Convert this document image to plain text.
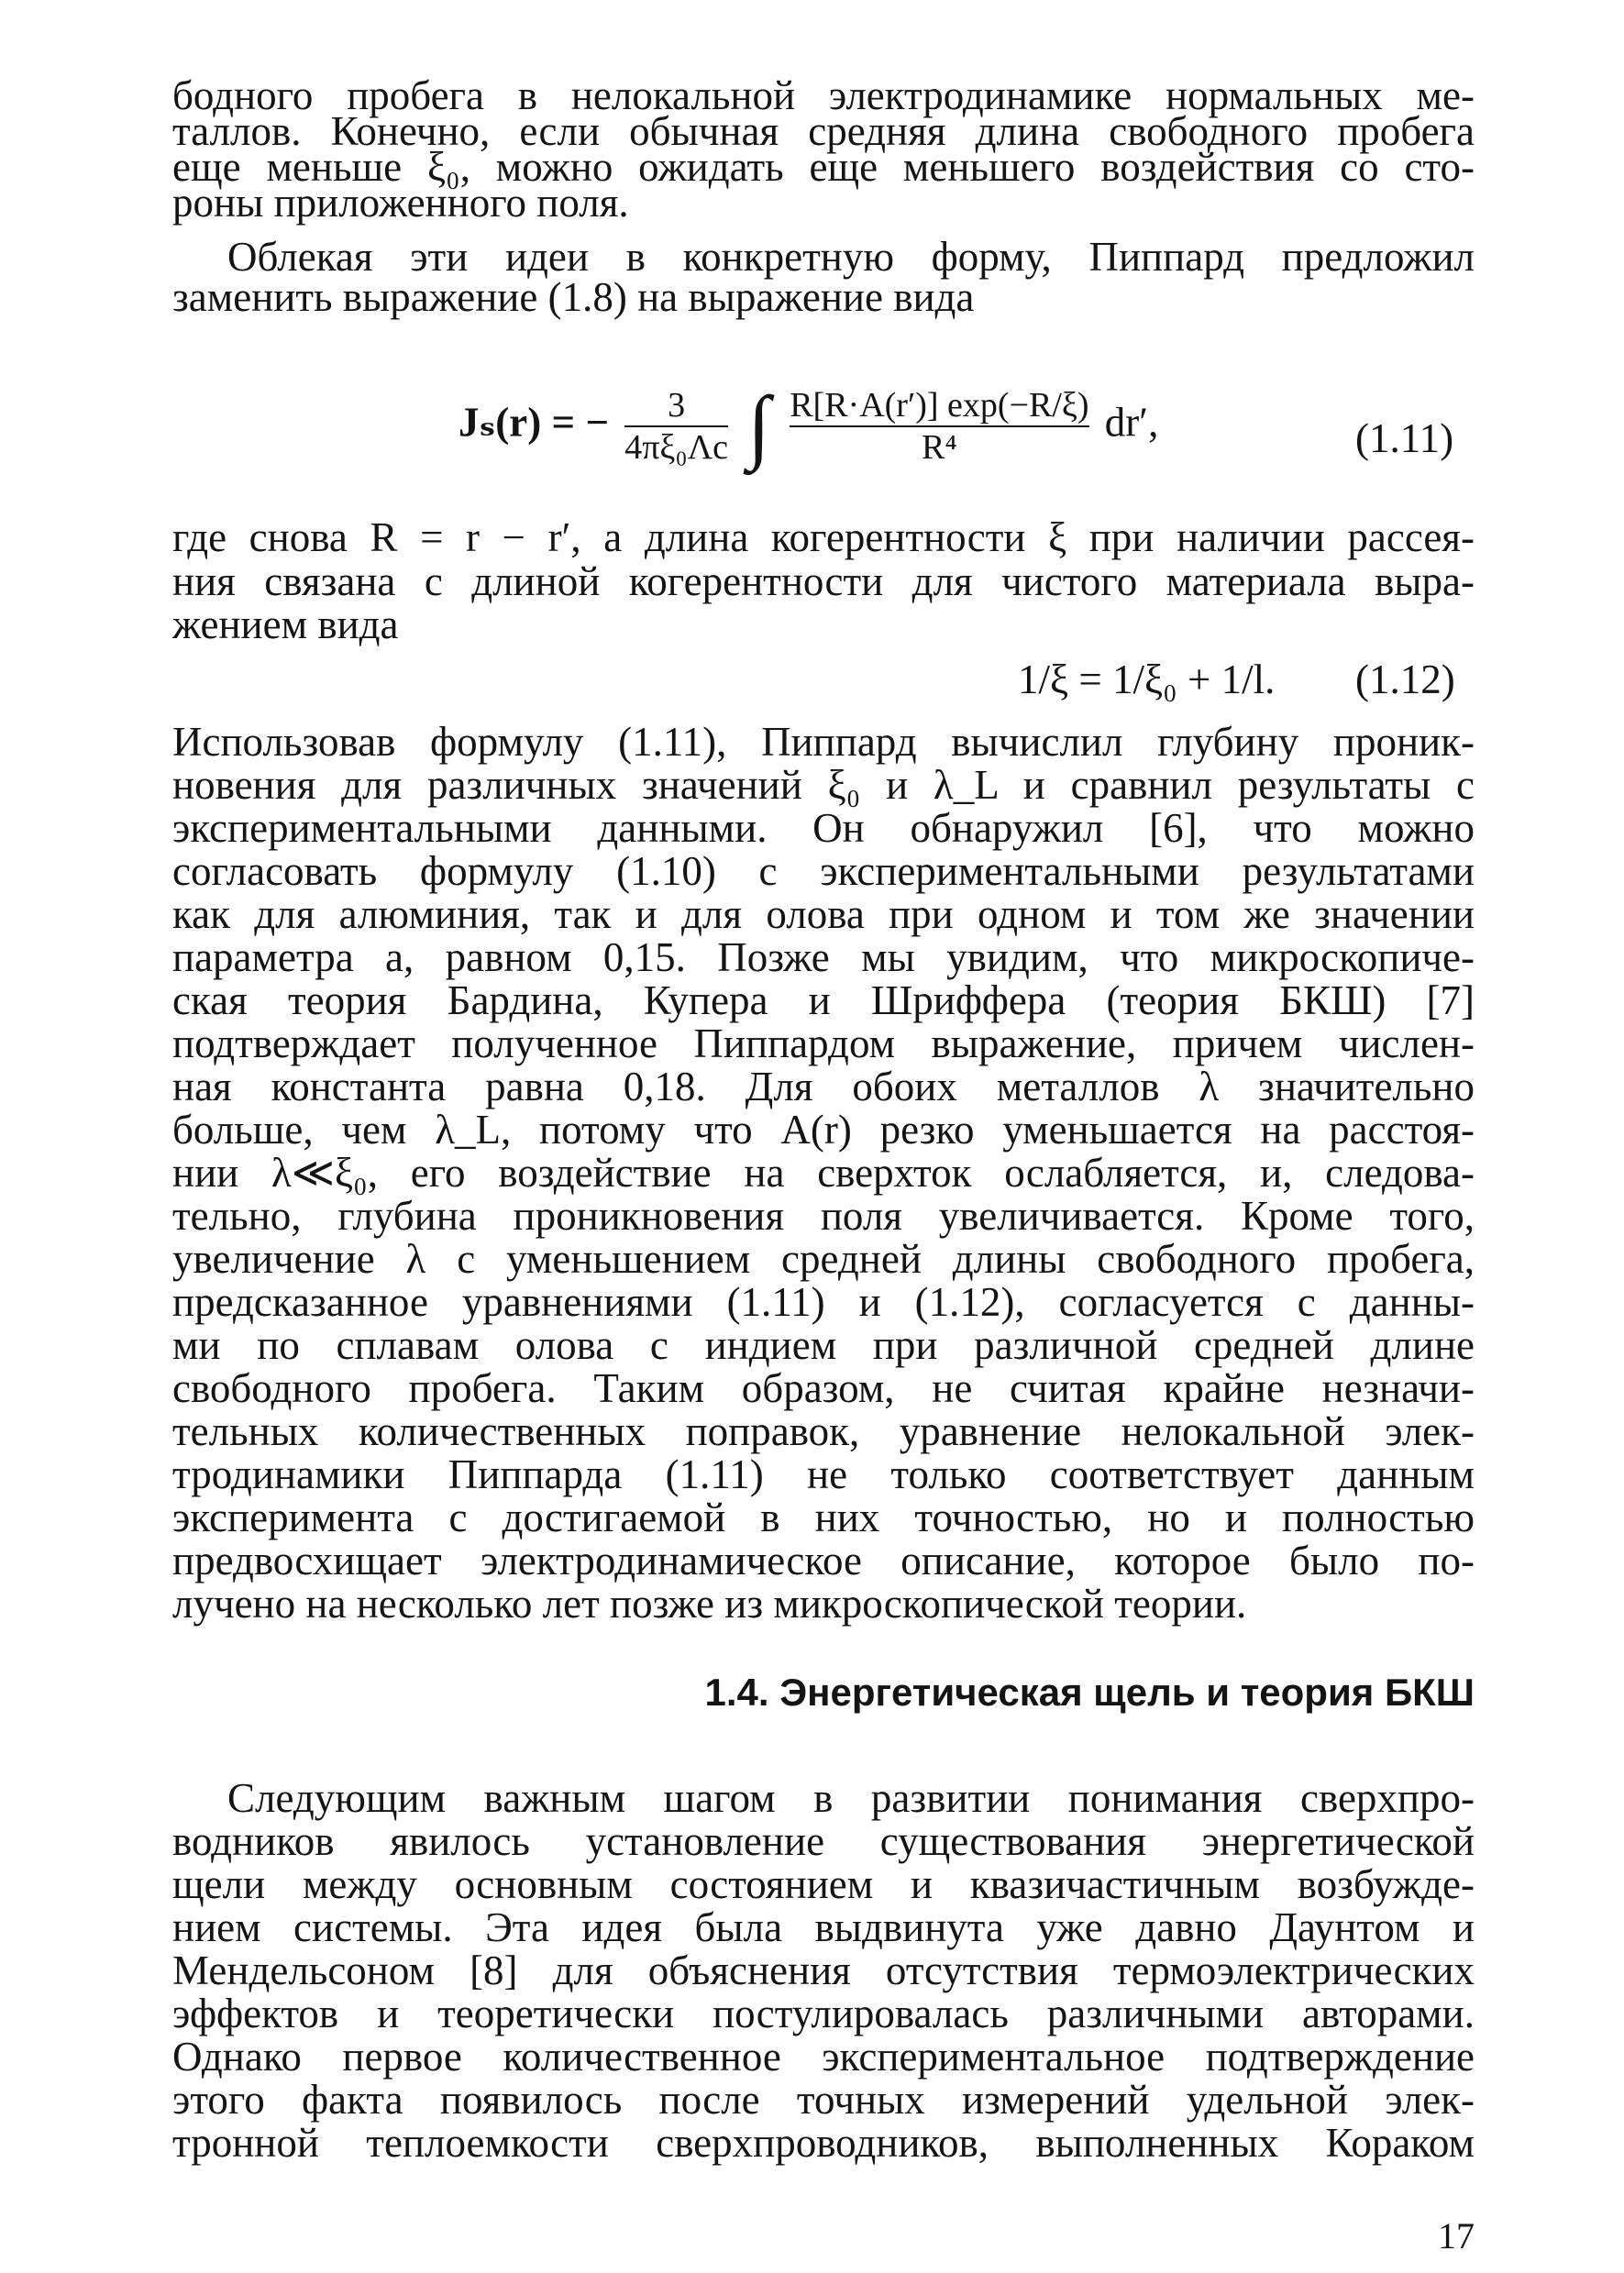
бодного пробега в нелокальной электродинамике нормальных ме-
таллов. Конечно, если обычная средняя длина свободного пробега
еще меньше ξ₀, можно ожидать еще меньшего воздействия со сто-
роны приложенного поля.
Облекая эти идеи в конкретную форму, Пиппард предложил
заменить выражение (1.8) на выражение вида
Jₛ(r) = − $\frac{3}{\text{4πξ₀Λc}}$ ∫ $\frac{R[R\cdot A(r')] \exp(-R/\xi)}{\text{R⁴}} dr'$,	(1.11)
где снова R = r − r′, а длина когерентности ξ при наличии рассея-
ния связана с длиной когерентности для чистого материала выра-
жением вида
1/ξ = 1/ξ₀ + 1/l. (1.12)
Использовав формулу (1.11), Пиппард вычислил глубину проник-
новения для различных значений ξ₀ и λ_L и сравнил результаты с
экспериментальными данными. Он обнаружил [6], что можно
согласовать формулу (1.10) с экспериментальными результатами
как для алюминия, так и для олова при одном и том же значении
параметра a, равном 0,15. Позже мы увидим, что микроскопиче-
ская теория Бардина, Купера и Шриффера (теория БКШ) [7]
подтверждает полученное Пиппардом выражение, причем числен-
ная константа равна 0,18. Для обоих металлов λ значительно
больше, чем λ_L, потому что A(r) резко уменьшается на расстоя-
нии λ≪ξ₀, его воздействие на сверхток ослабляется, и, следова-
тельно, глубина проникновения поля увеличивается. Кроме того,
увеличение λ с уменьшением средней длины свободного пробега,
предсказанное уравнениями (1.11) и (1.12), согласуется с данны-
ми по сплавам олова с индием при различной средней длине
свободного пробега. Таким образом, не считая крайне незначи-
тельных количественных поправок, уравнение нелокальной элек-
тродинамики Пиппарда (1.11) не только соответствует данным
эксперимента с достигаемой в них точностью, но и полностью
предвосхищает электродинамическое описание, которое было по-
лучено на несколько лет позже из микроскопической теории.
1.4. Энергетическая щель и теория БКШ
Следующим важным шагом в развитии понимания сверхпро-
водников явилось установление существования энергетической
щели между основным состоянием и квазичастичным возбужде-
нием системы. Эта идея была выдвинута уже давно Даунтом и
Мендельсоном [8] для объяснения отсутствия термоэлектрических
эффектов и теоретически постулировалась различными авторами.
Однако первое количественное экспериментальное подтверждение
этого факта появилось после точных измерений удельной элек-
тронной теплоемкости сверхпроводников, выполненных Кораком
17
